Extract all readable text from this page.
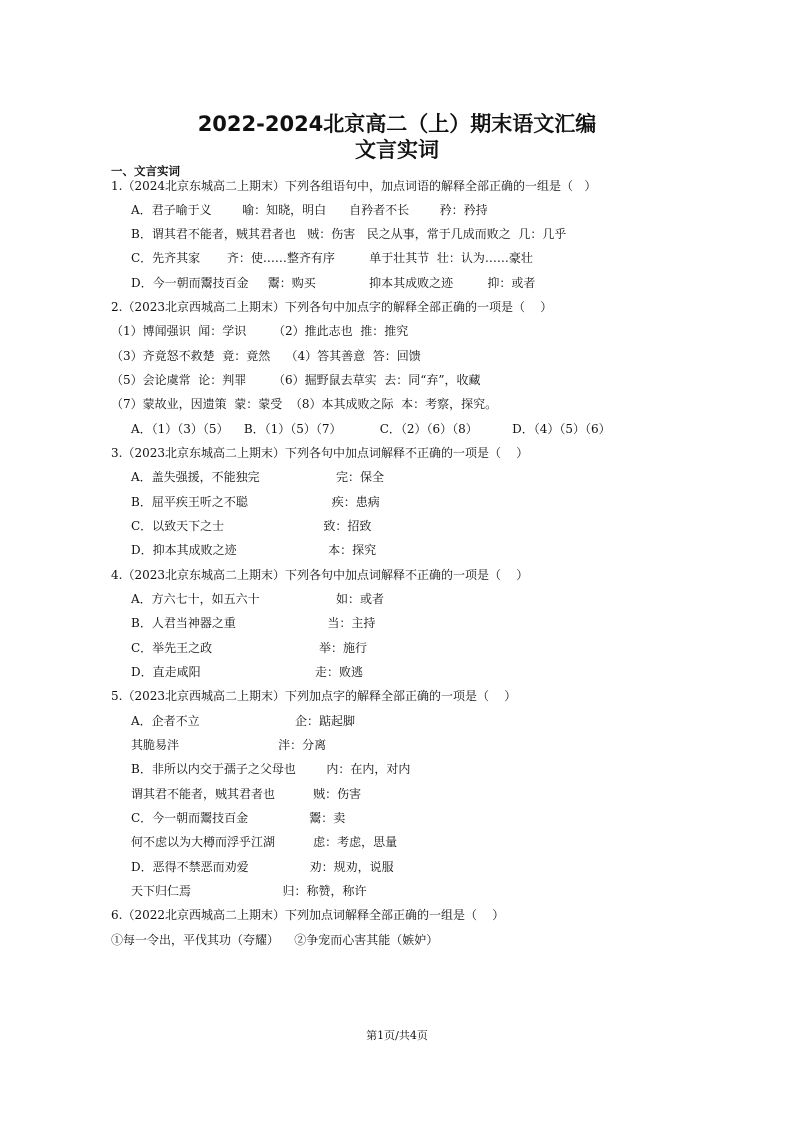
2022-2024北京高二（上）期末语文汇编
文言实词
一、文言实词
1.（2024北京东城高二上期末）下列各组语句中，加点词语的解释全部正确的一组是（   ）
A．君子喻于义        喻：知晓，明白      自矜者不长        矜：矜持
B．谓其君不能者，贼其君者也   贼：伤害   民之从事，常于几成而败之  几：几乎
C．先齐其家       齐：使……整齐有序         单于壮其节  壮：认为……豪壮
D．今一朝而鬻技百金     鬻：购买              抑本其成败之迹         抑：或者
2.（2023北京西城高二上期末）下列各句中加点字的解释全部正确的一项是（    ）
（1）博闻强识  闻：学识       （2）推此志也  推：推究
（3）齐竟怒不救楚  竟：竟然    （4）答其善意  答：回馈
（5）会论虞常  论：判罪       （6）掘野鼠去草实  去：同“弃”，收藏
（7）蒙故业，因遗策  蒙：蒙受  （8）本其成败之际  本：考察，探究。
A．（1）（3）（5）    B．（1）（5）（7）          C．（2）（6）（8）         D．（4）（5）（6）
3.（2023北京东城高二上期末）下列各句中加点词解释不正确的一项是（    ）
A．盖失强援，不能独完                    完：保全
B．屈平疾王听之不聪                      疾：患病
C．以致天下之士                          致：招致
D．抑本其成败之迹                        本：探究
4.（2023北京东城高二上期末）下列各句中加点词解释不正确的一项是（    ）
A．方六七十，如五六十                    如：或者
B．人君当神器之重                        当：主持
C．举先王之政                            举：施行
D．直走咸阳                              走：败逃
5.（2023北京西城高二上期末）下列加点字的解释全部正确的一项是（    ）
A．企者不立                         企：踮起脚
其脆易泮                          泮：分离
B．非所以内交于孺子之父母也        内：在内，对内
谓其君不能者，贼其君者也          贼：伤害
C．今一朝而鬻技百金                鬻：卖
何不虑以为大樽而浮乎江湖          虑：考虑，思量
D．恶得不禁恶而劝爱                劝：规劝，说服
天下归仁焉                        归：称赞，称许
6.（2022北京西城高二上期末）下列加点词解释全部正确的一组是（    ）
①每一令出，平伐其功（夸耀）    ②争宠而心害其能（嫉妒）
第1页/共4页
